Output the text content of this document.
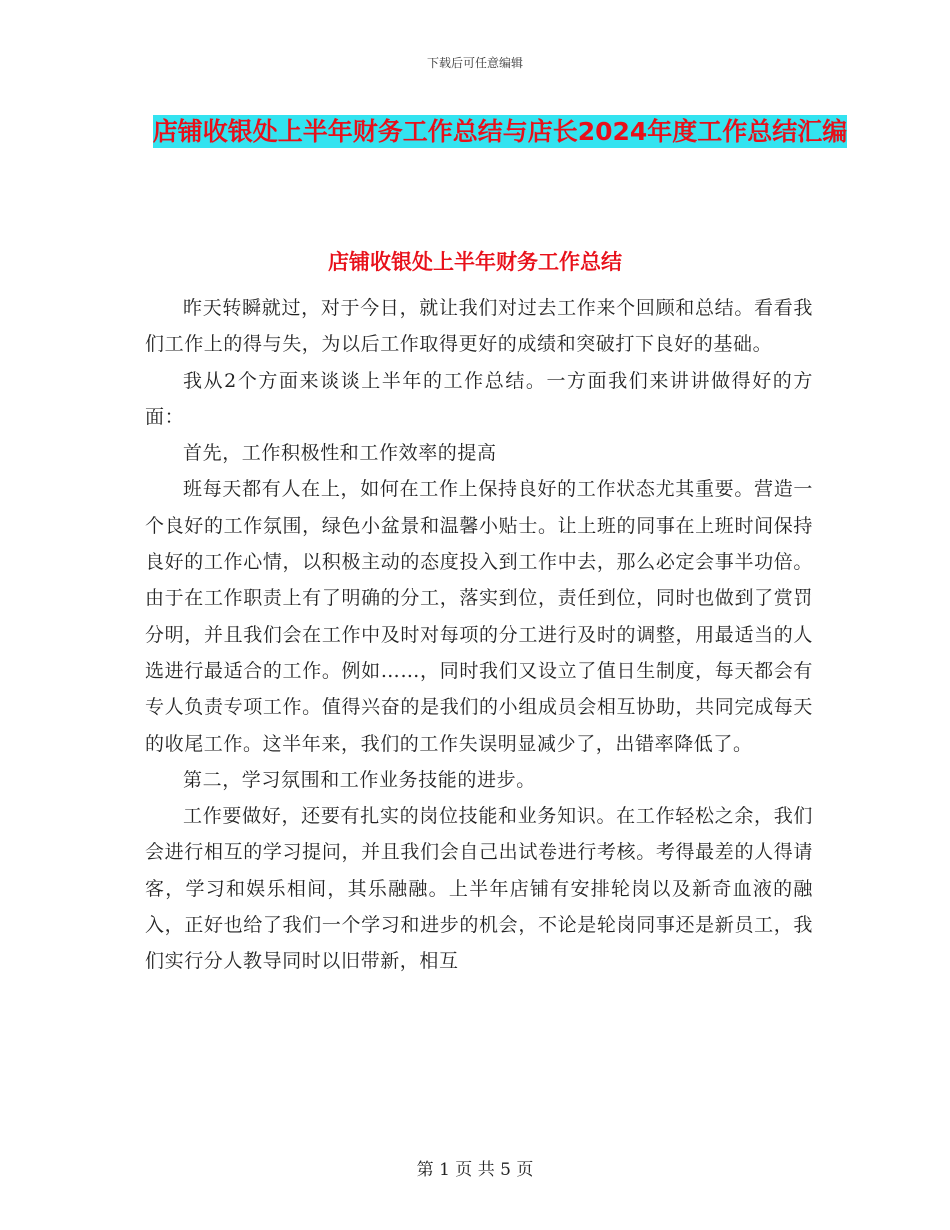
下载后可任意编辑
店铺收银处上半年财务工作总结与店长2024年度工作总结汇编
店铺收银处上半年财务工作总结

昨天转瞬就过，对于今日，就让我们对过去工作来个回顾和总结。看看我们工作上的得与失，为以后工作取得更好的成绩和突破打下良好的基础。

我从2个方面来谈谈上半年的工作总结。一方面我们来讲讲做得好的方面：

首先，工作积极性和工作效率的提高

班每天都有人在上，如何在工作上保持良好的工作状态尤其重要。营造一个良好的工作氛围，绿色小盆景和温馨小贴士。让上班的同事在上班时间保持良好的工作心情，以积极主动的态度投入到工作中去，那么必定会事半功倍。由于在工作职责上有了明确的分工，落实到位，责任到位，同时也做到了赏罚分明，并且我们会在工作中及时对每项的分工进行及时的调整，用最适当的人选进行最适合的工作。例如……，同时我们又设立了值日生制度，每天都会有专人负责专项工作。值得兴奋的是我们的小组成员会相互协助，共同完成每天的收尾工作。这半年来，我们的工作失误明显减少了，出错率降低了。

第二，学习氛围和工作业务技能的进步。

工作要做好，还要有扎实的岗位技能和业务知识。在工作轻松之余，我们会进行相互的学习提问，并且我们会自己出试卷进行考核。考得最差的人得请客，学习和娱乐相间，其乐融融。上半年店铺有安排轮岗以及新奇血液的融入，正好也给了我们一个学习和进步的机会，不论是轮岗同事还是新员工，我们实行分人教导同时以旧带新，相互

第 1 页 共 5 页
